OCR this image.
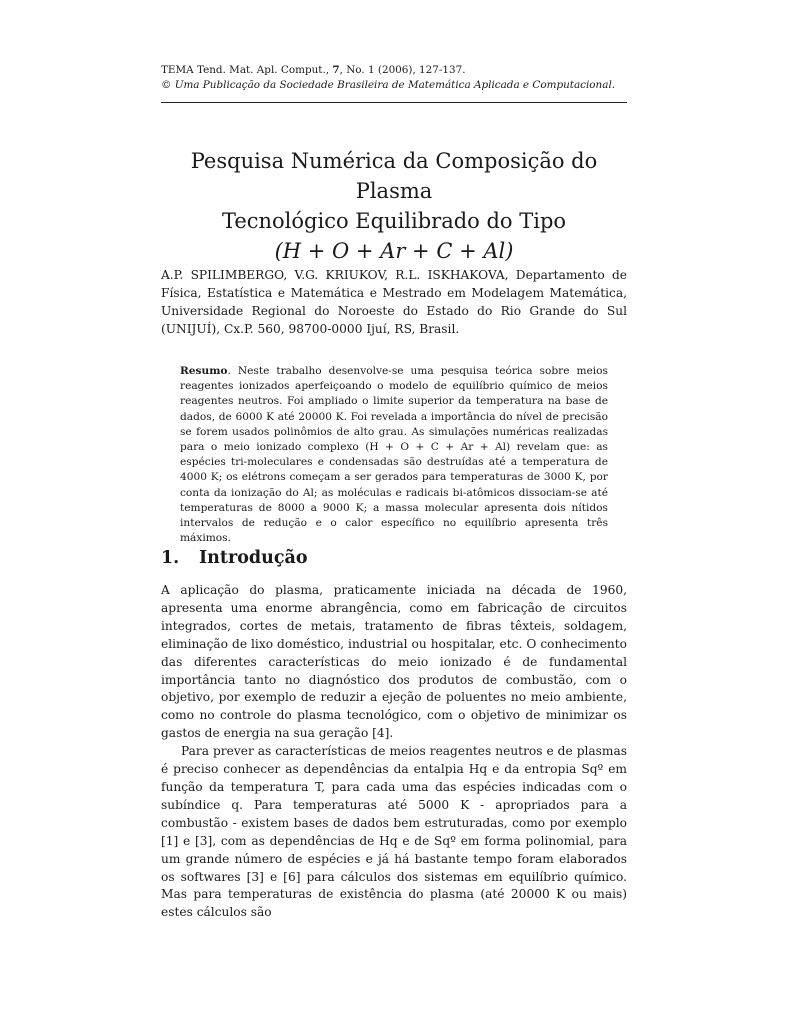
TEMA Tend. Mat. Apl. Comput., 7, No. 1 (2006), 127-137.
© Uma Publicação da Sociedade Brasileira de Matemática Aplicada e Computacional.
Pesquisa Numérica da Composição do Plasma
Tecnológico Equilibrado do Tipo
(H + O + Ar + C + Al)
A.P. SPILIMBERGO, V.G. KRIUKOV, R.L. ISKHAKOVA, Departamento de Física, Estatística e Matemática e Mestrado em Modelagem Matemática, Universidade Regional do Noroeste do Estado do Rio Grande do Sul (UNIJUÍ), Cx.P. 560, 98700-0000 Ijuí, RS, Brasil.
Resumo. Neste trabalho desenvolve-se uma pesquisa teórica sobre meios reagentes ionizados aperfeiçoando o modelo de equilíbrio químico de meios reagentes neutros. Foi ampliado o limite superior da temperatura na base de dados, de 6000 K até 20000 K. Foi revelada a importância do nível de precisão se forem usados polinômios de alto grau. As simulações numéricas realizadas para o meio ionizado complexo (H + O + C + Ar + Al) revelam que: as espécies tri-moleculares e condensadas são destruídas até a temperatura de 4000 K; os elétrons começam a ser gerados para temperaturas de 3000 K, por conta da ionização do Al; as moléculas e radicais bi-atômicos dissociam-se até temperaturas de 8000 a 9000 K; a massa molecular apresenta dois nítidos intervalos de redução e o calor específico no equilíbrio apresenta três máximos.
1. Introdução

A aplicação do plasma, praticamente iniciada na década de 1960, apresenta uma enorme abrangência, como em fabricação de circuitos integrados, cortes de metais, tratamento de fibras têxteis, soldagem, eliminação de lixo doméstico, industrial ou hospitalar, etc. O conhecimento das diferentes características do meio ionizado é de fundamental importância tanto no diagnóstico dos produtos de combustão, com o objetivo, por exemplo de reduzir a ejeção de poluentes no meio ambiente, como no controle do plasma tecnológico, com o objetivo de minimizar os gastos de energia na sua geração [4].

Para prever as características de meios reagentes neutros e de plasmas é preciso conhecer as dependências da entalpia Hq e da entropia Sqº em função da temperatura T, para cada uma das espécies indicadas com o subíndice q. Para temperaturas até 5000 K - apropriados para a combustão - existem bases de dados bem estruturadas, como por exemplo [1] e [3], com as dependências de Hq e de Sqº em forma polinomial, para um grande número de espécies e já há bastante tempo foram elaborados os softwares [3] e [6] para cálculos dos sistemas em equilíbrio químico. Mas para temperaturas de existência do plasma (até 20000 K ou mais) estes cálculos são
